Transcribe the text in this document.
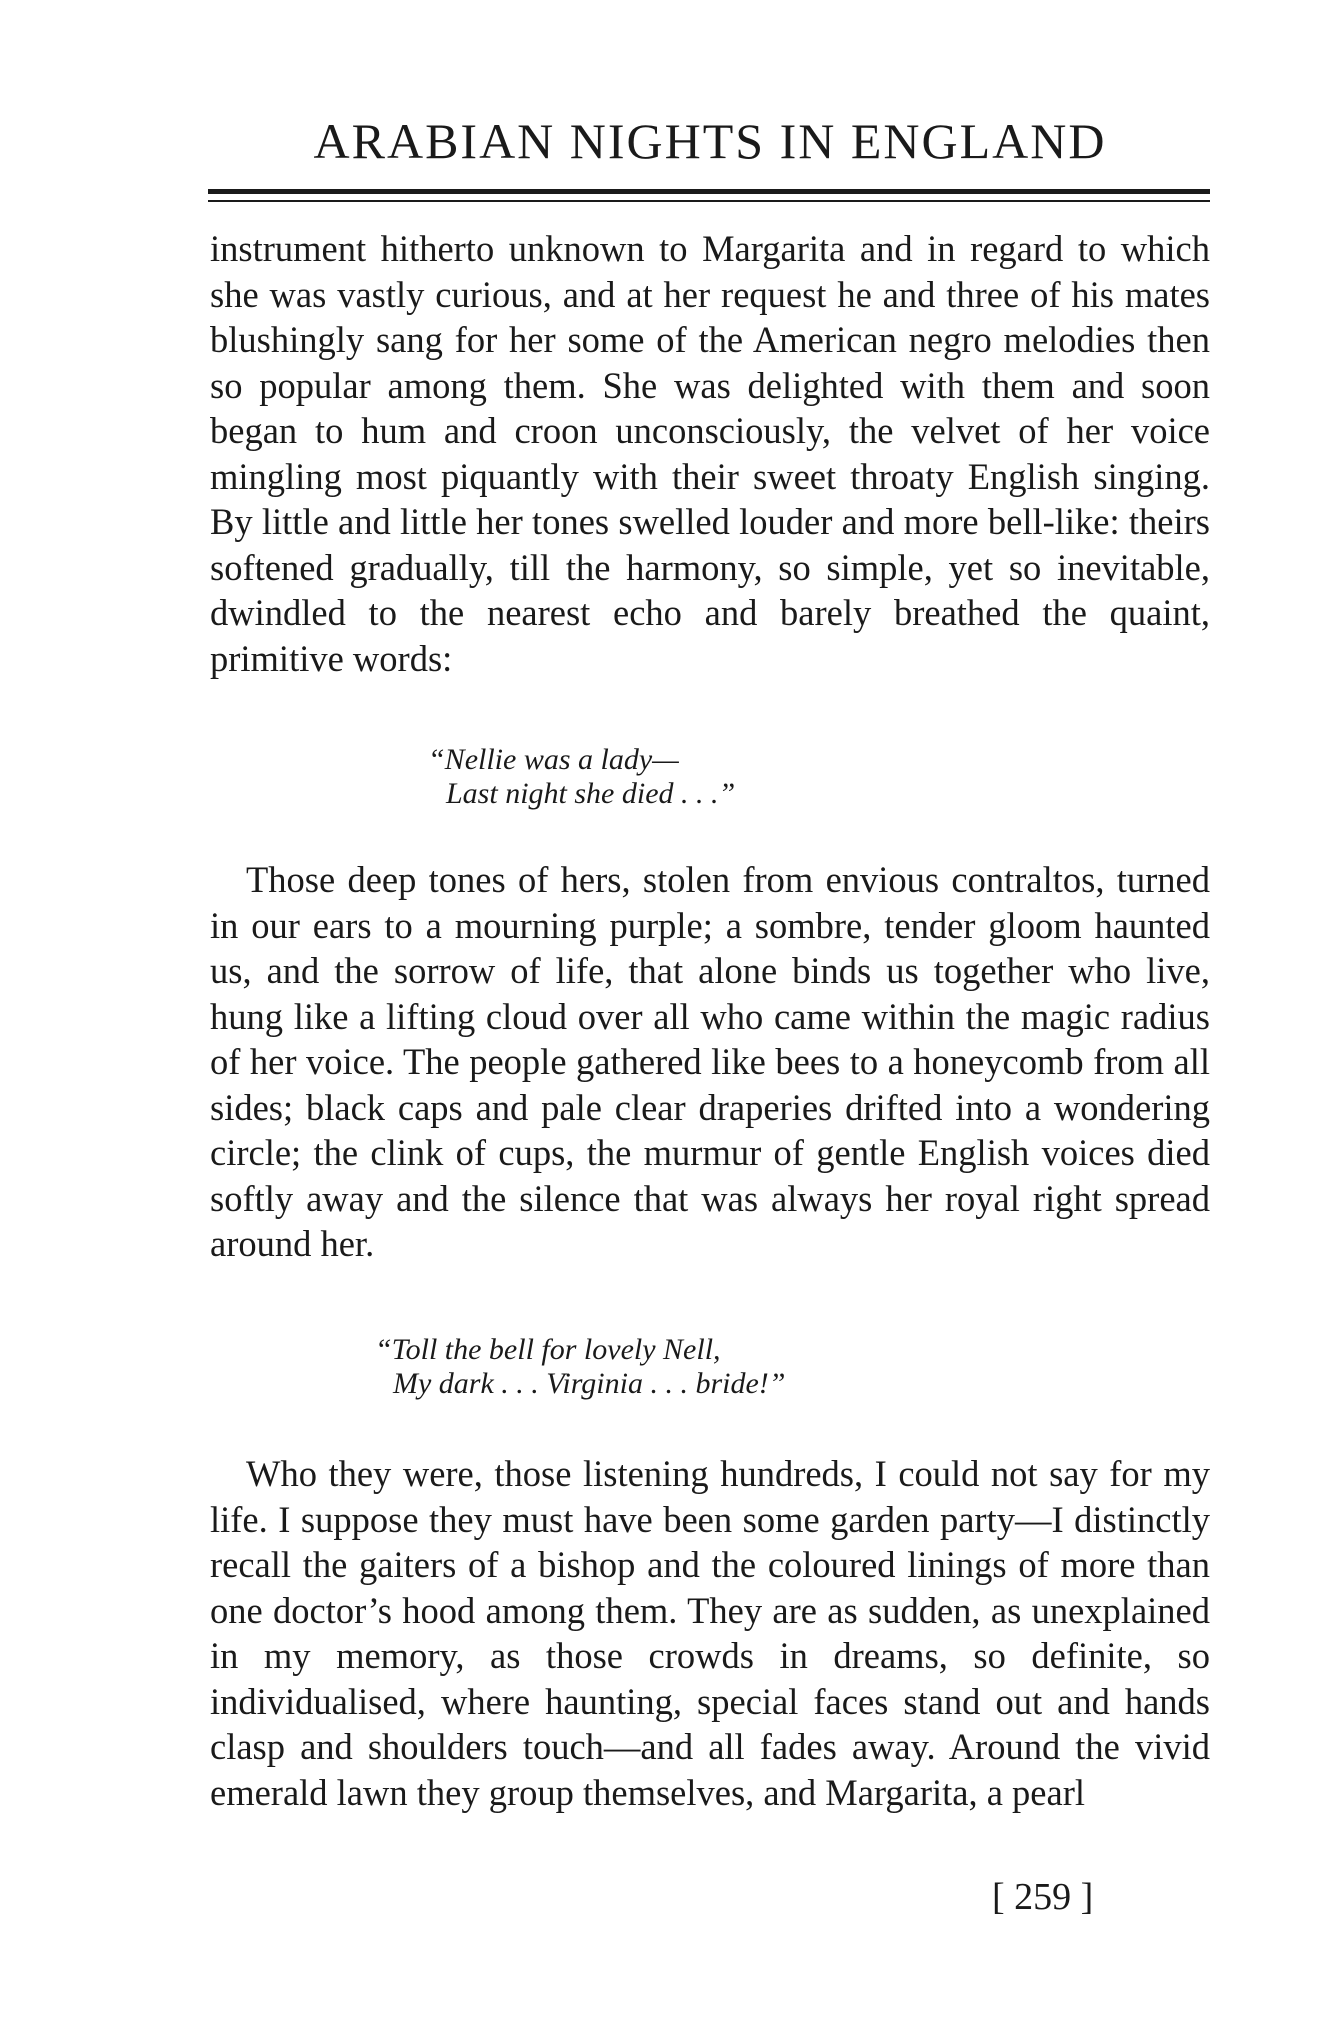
ARABIAN NIGHTS IN ENGLAND

instrument hitherto unknown to Margarita and in regard to which she was vastly curious, and at her request he and three of his mates blushingly sang for her some of the American negro melodies then so popular among them. She was delighted with them and soon began to hum and croon unconsciously, the velvet of her voice mingling most piquantly with their sweet throaty English singing. By little and little her tones swelled louder and more bell-like: theirs softened gradually, till the harmony, so simple, yet so inevitable, dwindled to the nearest echo and barely breathed the quaint, primitive words:

“Nellie was a lady—
Last night she died . . .”

Those deep tones of hers, stolen from envious contraltos, turned in our ears to a mourning purple; a sombre, tender gloom haunted us, and the sorrow of life, that alone binds us together who live, hung like a lifting cloud over all who came within the magic radius of her voice. The people gathered like bees to a honeycomb from all sides; black caps and pale clear draperies drifted into a wondering circle; the clink of cups, the murmur of gentle English voices died softly away and the silence that was always her royal right spread around her.

“Toll the bell for lovely Nell,
My dark . . . Virginia . . . bride!”

Who they were, those listening hundreds, I could not say for my life. I suppose they must have been some garden party—I distinctly recall the gaiters of a bishop and the coloured linings of more than one doctor’s hood among them. They are as sudden, as unexplained in my memory, as those crowds in dreams, so definite, so individualised, where haunting, special faces stand out and hands clasp and shoulders touch—and all fades away. Around the vivid emerald lawn they group themselves, and Margarita, a pearl

[ 259 ]
